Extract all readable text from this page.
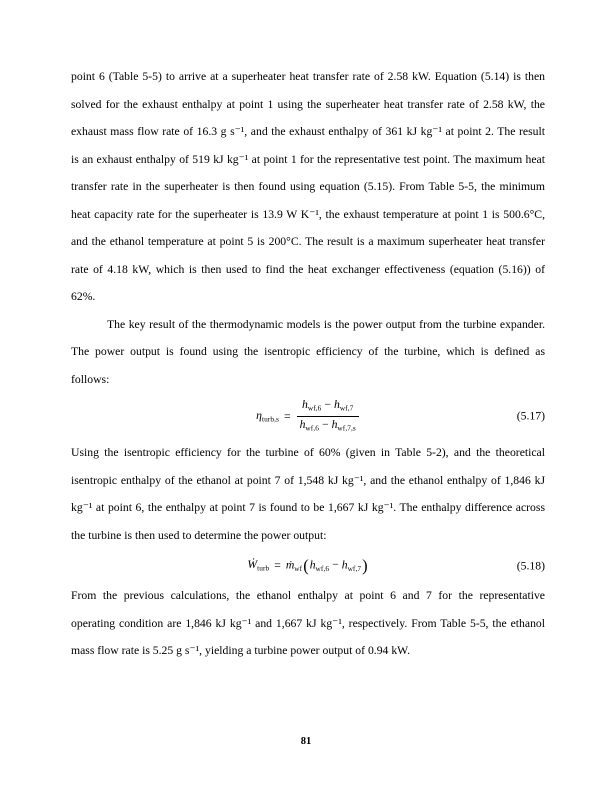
point 6 (Table 5-5) to arrive at a superheater heat transfer rate of 2.58 kW. Equation (5.14) is then
solved for the exhaust enthalpy at point 1 using the superheater heat transfer rate of 2.58 kW, the
exhaust mass flow rate of 16.3 g s⁻¹, and the exhaust enthalpy of 361 kJ kg⁻¹ at point 2. The result
is an exhaust enthalpy of 519 kJ kg⁻¹ at point 1 for the representative test point. The maximum heat
transfer rate in the superheater is then found using equation (5.15). From Table 5-5, the minimum
heat capacity rate for the superheater is 13.9 W K⁻¹, the exhaust temperature at point 1 is 500.6°C,
and the ethanol temperature at point 5 is 200°C. The result is a maximum superheater heat transfer
rate of 4.18 kW, which is then used to find the heat exchanger effectiveness (equation (5.16)) of
62%.
The key result of the thermodynamic models is the power output from the turbine expander.
The power output is found using the isentropic efficiency of the turbine, which is defined as
follows:
$\eta_{turb,s} = \frac{h_{wf,6} - h_{wf,7}}{h_{wf,6} - h_{wf,7,s}}$	(5.17)
Using the isentropic efficiency for the turbine of 60% (given in Table 5-2), and the theoretical
isentropic enthalpy of the ethanol at point 7 of 1,548 kJ kg⁻¹, and the ethanol enthalpy of 1,846 kJ
kg⁻¹ at point 6, the enthalpy at point 7 is found to be 1,667 kJ kg⁻¹. The enthalpy difference across
the turbine is then used to determine the power output:
Ẇ$_{turb}$ = $ṁ_{wf}(h_{wf,6} - h_{wf,7})$	(5.18)
From the previous calculations, the ethanol enthalpy at point 6 and 7 for the representative
operating condition are 1,846 kJ kg⁻¹ and 1,667 kJ kg⁻¹, respectively. From Table 5-5, the ethanol
mass flow rate is 5.25 g s⁻¹, yielding a turbine power output of 0.94 kW.
81
